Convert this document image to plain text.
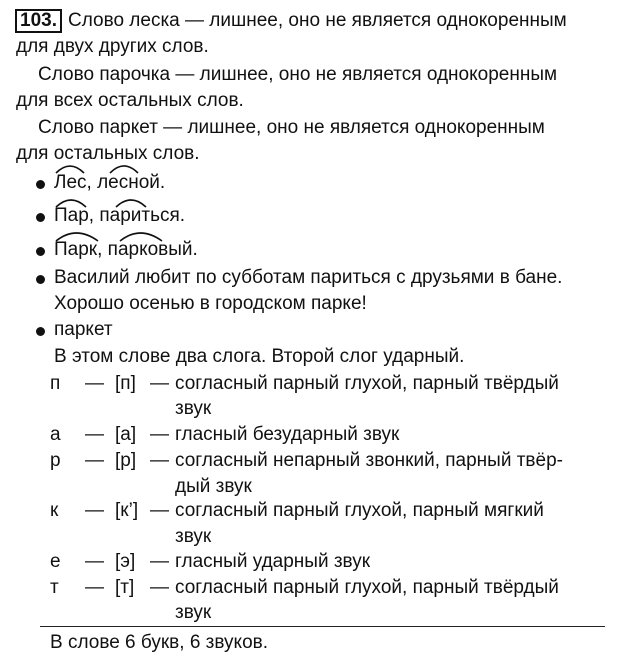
103. Слово леска — лишнее, оно не является однокоренным
для двух других слов.
Слово парочка — лишнее, оно не является однокоренным
для всех остальных слов.
Слово паркет — лишнее, оно не является однокоренным
для остальных слов.
Лес, лесной.
Пар, париться.
Парк, парковый.
Василий любит по субботам париться с друзьями в бане.
Хорошо осенью в городском парке!
паркет
В этом слове два слога. Второй слог ударный.
п — [п] — согласный парный глухой, парный твёрдый
звук
а — [а] — гласный безударный звук
р — [р] — согласный непарный звонкий, парный твёр-
дый звук
к — [к’] — согласный парный глухой, парный мягкий
звук
е — [э] — гласный ударный звук
т — [т] — согласный парный глухой, парный твёрдый
звук
В слове 6 букв, 6 звуков.
